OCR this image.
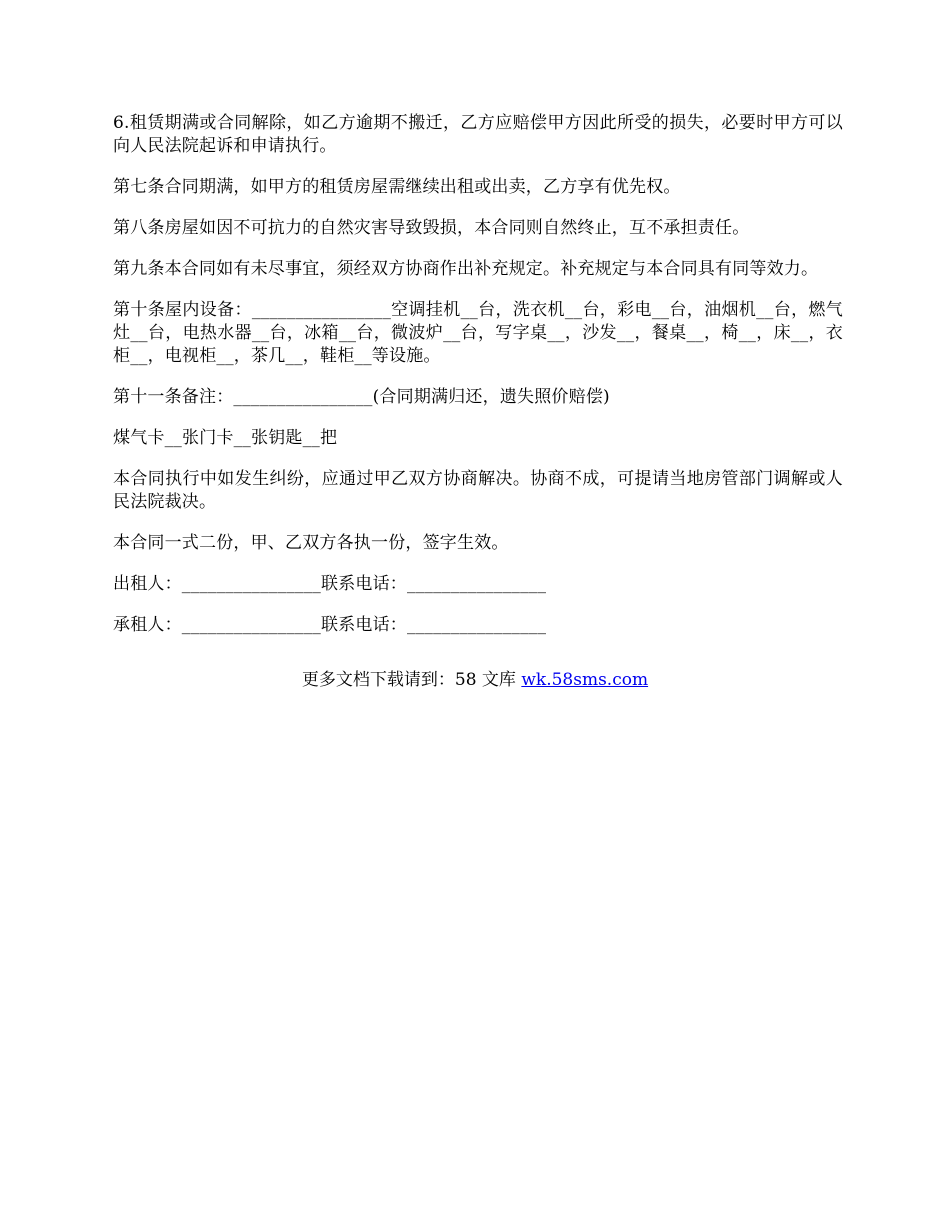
6.租赁期满或合同解除，如乙方逾期不搬迁，乙方应赔偿甲方因此所受的损失，必要时甲方可以向人民法院起诉和申请执行。

第七条合同期满，如甲方的租赁房屋需继续出租或出卖，乙方享有优先权。

第八条房屋如因不可抗力的自然灾害导致毁损，本合同则自然终止，互不承担责任。

第九条本合同如有未尽事宜，须经双方协商作出补充规定。补充规定与本合同具有同等效力。

第十条屋内设备：________________空调挂机__台，洗衣机__台，彩电__台，油烟机__台，燃气灶__台，电热水器__台，冰箱__台，微波炉__台，写字桌__，沙发__，餐桌__，椅__，床__，衣柜__，电视柜__，茶几__，鞋柜__等设施。

第十一条备注：________________(合同期满归还，遗失照价赔偿)

煤气卡__张门卡__张钥匙__把

本合同执行中如发生纠纷，应通过甲乙双方协商解决。协商不成，可提请当地房管部门调解或人民法院裁决。

本合同一式二份，甲、乙双方各执一份，签字生效。

出租人：________________联系电话：________________

承租人：________________联系电话：________________

更多文档下载请到：58 文库 wk.58sms.com
